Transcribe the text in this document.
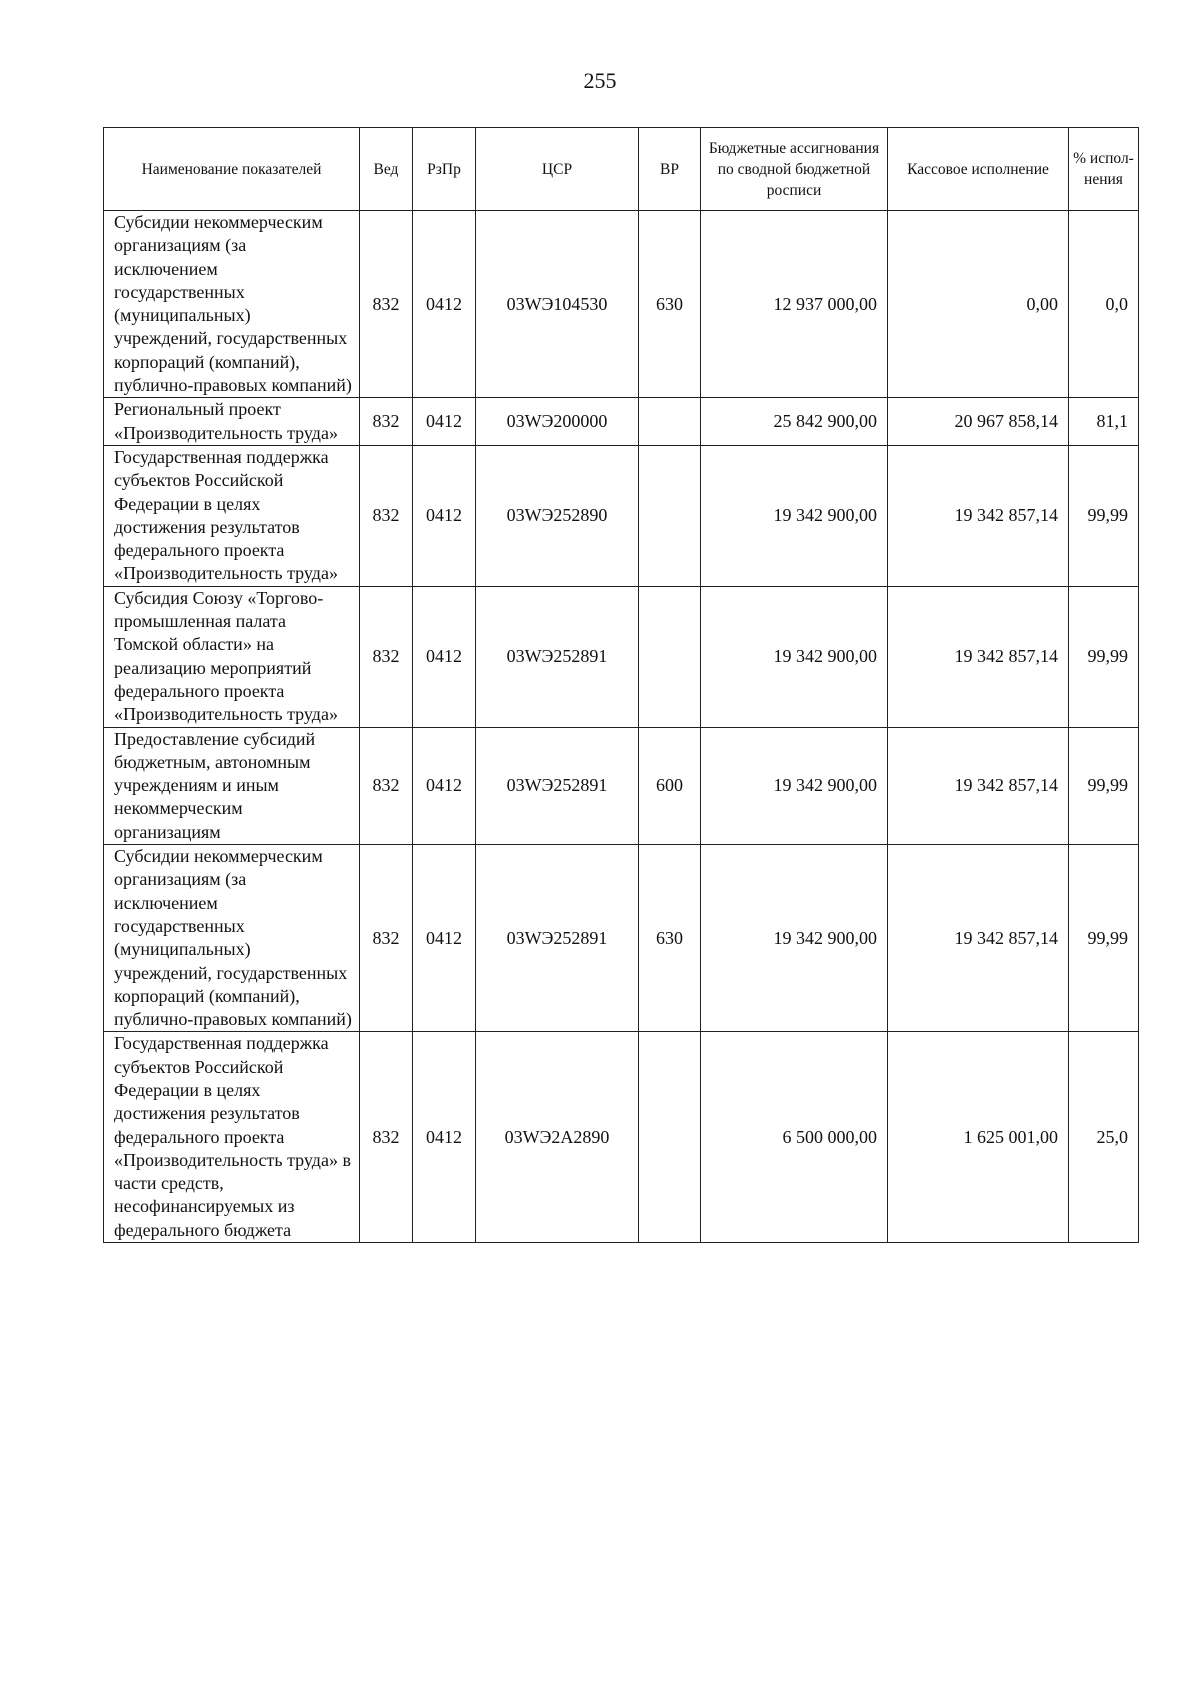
255
Наименование показателей	Вед	РзПр	ЦСР	ВР	Бюджетные ассигнования по сводной бюджетной росписи	Кассовое исполнение	% испол-нения
Субсидии некоммерческим организациям (за исключением государственных (муниципальных) учреждений, государственных корпораций (компаний), публично-правовых компаний)	832	0412	03WЭ104530	630	12 937 000,00	0,00	0,0
Региональный проект «Производительность труда»	832	0412	03WЭ200000		25 842 900,00	20 967 858,14	81,1
Государственная поддержка субъектов Российской Федерации в целях достижения результатов федерального проекта «Производительность труда»	832	0412	03WЭ252890		19 342 900,00	19 342 857,14	99,99
Субсидия Союзу «Торгово-промышленная палата Томской области» на реализацию мероприятий федерального проекта «Производительность труда»	832	0412	03WЭ252891		19 342 900,00	19 342 857,14	99,99
Предоставление субсидий бюджетным, автономным учреждениям и иным некоммерческим организациям	832	0412	03WЭ252891	600	19 342 900,00	19 342 857,14	99,99
Субсидии некоммерческим организациям (за исключением государственных (муниципальных) учреждений, государственных корпораций (компаний), публично-правовых компаний)	832	0412	03WЭ252891	630	19 342 900,00	19 342 857,14	99,99
Государственная поддержка субъектов Российской Федерации в целях достижения результатов федерального проекта «Производительность труда» в части средств, несофинансируемых из федерального бюджета	832	0412	03WЭ2А2890		6 500 000,00	1 625 001,00	25,0
